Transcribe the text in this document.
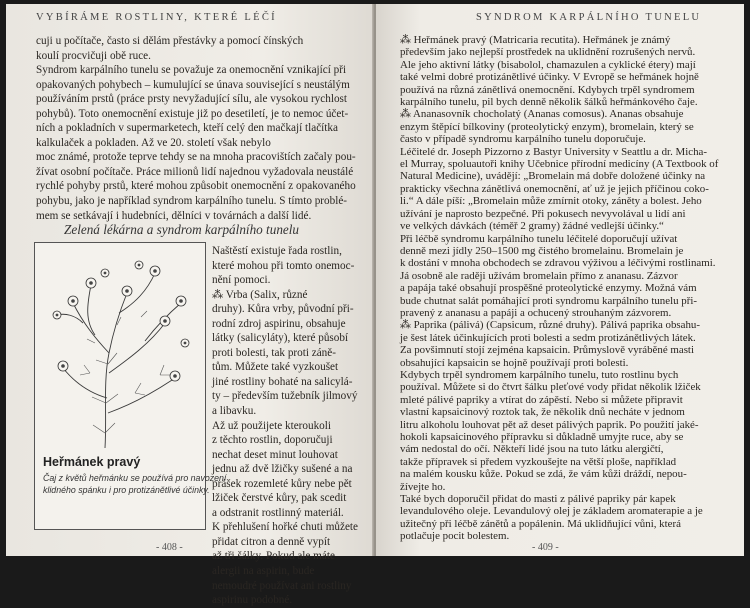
VYBÍRÁME ROSTLINY, KTERÉ LÉČÍ
cuji u počítače, často si dělám přestávky a pomocí čínských
koulí procvičuji obě ruce.
Syndrom karpálního tunelu se považuje za onemocnění vznikající při
opakovaných pohybech – kumulující se únava související s neustálým
používáním prstů (práce prsty nevyžadující sílu, ale vysokou rychlost
pohybů). Toto onemocnění existuje již po desetiletí, je to nemoc účet-
ních a pokladních v supermarketech, kteří celý den mačkají tlačítka
kalkulaček a pokladen. Až ve 20. století však nebylo
moc známé, protože teprve tehdy se na mnoha pracovištích začaly pou-
žívat osobní počítače. Práce milionů lidí najednou vyžadovala neustálé
rychlé pohyby prstů, které mohou způsobit onemocnění z opakovaného
pohybu, jako je například syndrom karpálního tunelu. S tímto problé-
mem se setkávají i hudebníci, dělníci v továrnách a další lidé.
Zelená lékárna a syndrom karpálního tunelu
Heřmánek pravý
Čaj z květů heřmánku se používá pro navození
klidného spánku i pro protizánětlivé účinky.
Naštěstí existuje řada rostlin,
které mohou při tomto onemoc-
nění pomoci.
⁂ Vrba (Salix, různé
druhy). Kůra vrby, původní při-
rodní zdroj aspirinu, obsahuje
látky (salicyláty), které působí
proti bolesti, tak proti záně-
tům. Můžete také vyzkoušet
jiné rostliny bohaté na salicylá-
ty – především tužebník jilmový
a libavku.
Až už použijete kteroukoli
z těchto rostlin, doporučuji
nechat deset minut louhovat
jednu až dvě lžičky sušené a na
prášek rozemleté kůry nebe pět
lžiček čerstvé kůry, pak scedit
a odstranit rostlinný materiál.
K přehlušení hořké chuti můžete
přidat citron a denně vypít
až tři šálky. Pokud ale máte
alergii na aspirin, bude
nemoudré používat ani rostliny
aspirinu podobné.
- 408 -
SYNDROM KARPÁLNÍHO TUNELU
⁂ Heřmánek pravý (Matricaria recutita). Heřmánek je známý
především jako nejlepší prostředek na uklidnění rozrušených nervů.
Ale jeho aktivní látky (bisabolol, chamazulen a cyklické étery) mají
také velmi dobré protizánětlivé účinky. V Evropě se heřmánek hojně
používá na různá zánětlivá onemocnění. Kdybych trpěl syndromem
karpálního tunelu, pil bych denně několik šálků heřmánkového čaje.
⁂ Ananasovník chocholatý (Ananas comosus). Ananas obsahuje
enzym štěpící bílkoviny (proteolytický enzym), bromelain, který se
často v případě syndromu karpálního tunelu doporučuje.
Léčitelé dr. Joseph Pizzorno z Bastyr University v Seattlu a dr. Micha-
el Murray, spoluautoři knihy Učebnice přírodní medicíny (A Textbook of
Natural Medicine), uvádějí: „Bromelain má dobře doložené účinky na
prakticky všechna zánětlivá onemocnění, ať už je jejich příčinou coko-
li.“ A dále píší: „Bromelain může zmírnit otoky, záněty a bolest. Jeho
užívání je naprosto bezpečné. Při pokusech nevyvolával u lidí ani
ve velkých dávkách (téměř 2 gramy) žádné vedlejší účinky.“
Při léčbě syndromu karpálního tunelu léčitelé doporučují užívat
denně mezi jídly 250–1500 mg čistého bromelainu. Bromelain je
k dostání v mnoha obchodech se zdravou výživou a léčivými rostlinami.
Já osobně ale raději užívám bromelain přímo z ananasu. Zázvor
a papája také obsahují prospěšné proteolytické enzymy. Možná vám
bude chutnat salát pomáhající proti syndromu karpálního tunelu při-
pravený z ananasu a papáji a ochucený strouhaným zázvorem.
⁂ Paprika (pálivá) (Capsicum, různé druhy). Pálivá paprika obsahu-
je šest látek účinkujících proti bolesti a sedm protizánětlivých látek.
Za povšimnutí stojí zejména kapsaicin. Průmyslově vyráběné masti
obsahující kapsaicin se hojně používají proti bolesti.
Kdybych trpěl syndromem karpálního tunelu, tuto rostlinu bych
používal. Můžete si do čtvrt šálku pleťové vody přidat několik lžiček
mleté pálivé papriky a vtírat do zápěstí. Nebo si můžete připravit
vlastní kapsaicinový roztok tak, že několik dnů necháte v jednom
litru alkoholu louhovat pět až deset pálivých paprik. Po použití jaké-
hokoli kapsaicinového přípravku si důkladně umyjte ruce, aby se
vám nedostal do očí. Někteří lidé jsou na tuto látku alergičtí,
takže přípravek si předem vyzkoušejte na větší ploše, například
na malém kousku kůže. Pokud se zdá, že vám kůži dráždí, nepou-
žívejte ho.
Také bych doporučil přidat do masti z pálivé papriky pár kapek
levandulového oleje. Levandulový olej je základem aromaterapie a je
užitečný při léčbě zánětů a popálenin. Má uklidňující vůni, která
potlačuje pocit bolestem.
- 409 -
